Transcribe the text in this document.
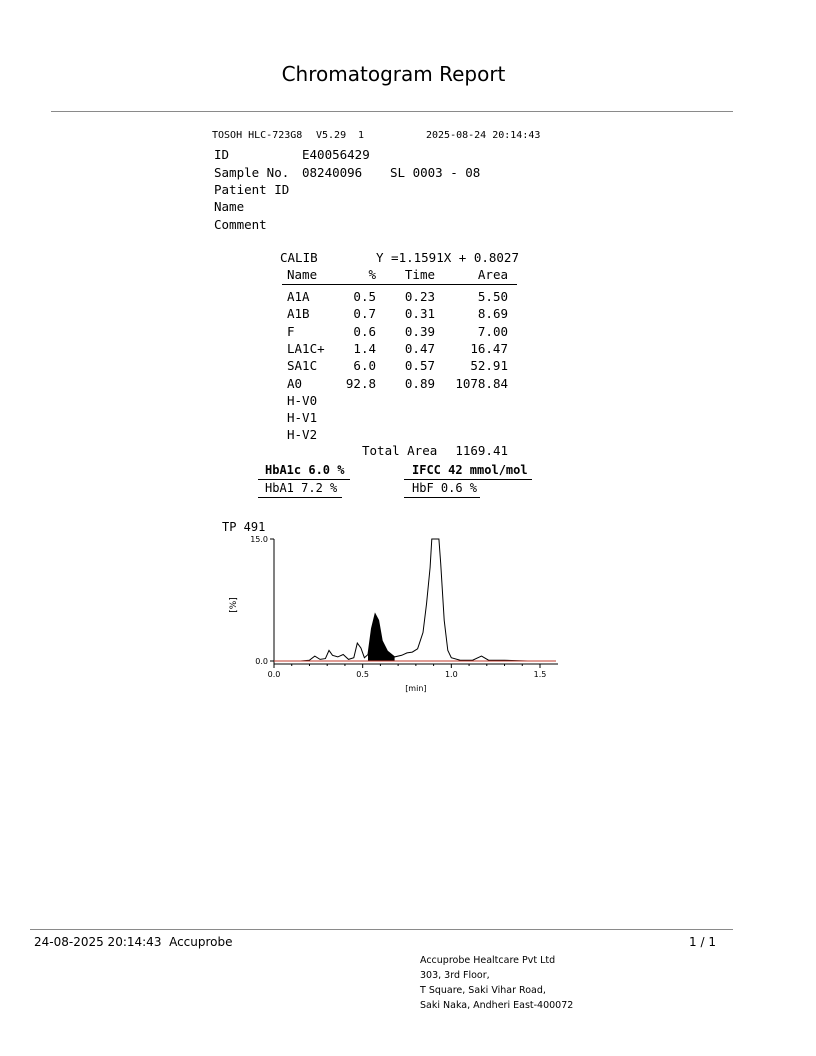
Chromatogram Report
TOSOH HLC-723G8 V5.29 1	2025-08-24 20:14:43
ID	E40056429
Sample No. 08240096 SL 0003 - 08
Patient ID
Name
Comment
CALIB	Y =1.1591X + 0.8027
Name	%	Time	Area
A1A	0.5	0.23	5.50
A1B	0.7	0.31	8.69
F	0.6	0.39	7.00
LA1C+	1.4	0.47	16.47
SA1C	6.0	0.57	52.91
A0	92.8	0.89	1078.84
H-V0
H-V1
H-V2
Total Area	1169.41
HbA1c 6.0 %	IFCC 42 mmol/mol
HbA1 7.2 %	HbF 0.6 %
TP 491
0.0
15.0
[%]
0.0	0.5	1.0	1.5
[min]
24-08-2025 20:14:43  Accuprobe	1 / 1
Accuprobe Healtcare Pvt Ltd
303, 3rd Floor,
T Square, Saki Vihar Road,
Saki Naka, Andheri East-400072
